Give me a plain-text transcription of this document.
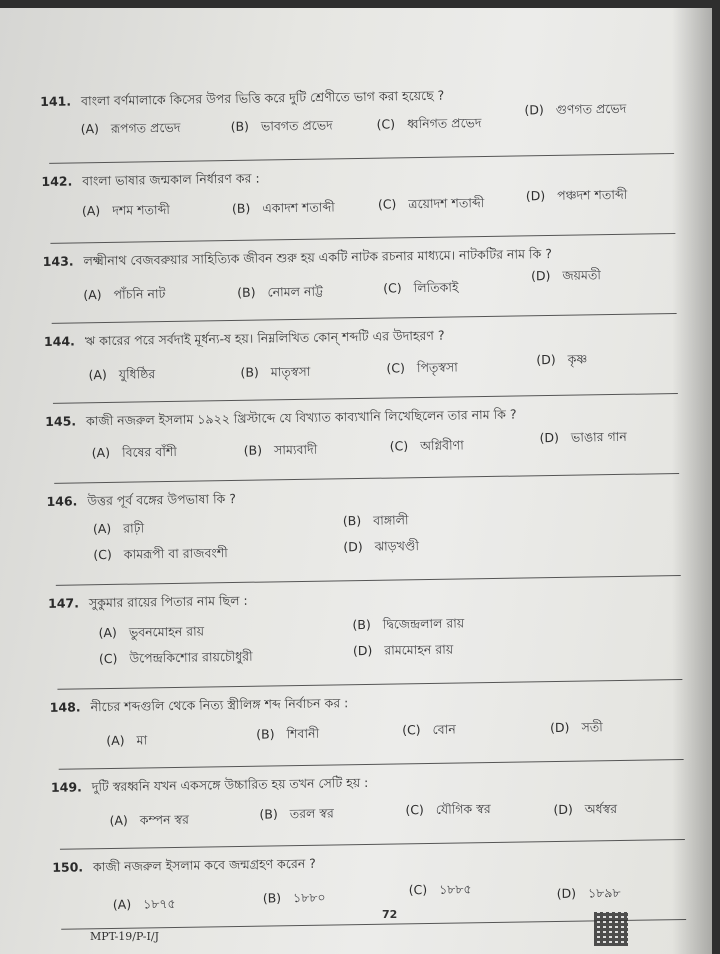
141. বাংলা বর্ণমালাকে কিসের উপর ভিত্তি করে দুটি শ্রেণীতে ভাগ করা হয়েছে ?
(A) রূপগত প্রভেদ	(B) ভাবগত প্রভেদ	(C) ধ্বনিগত প্রভেদ
(D) গুণগত প্রভেদ
142. বাংলা ভাষার জন্মকাল নির্ধারণ কর :
(A) দশম শতাব্দী	(B) একাদশ শতাব্দী	(C) ত্রয়োদশ শতাব্দী	(D) পঞ্চদশ শতাব্দী
143. লক্ষ্মীনাথ বেজবরুয়ার সাহিত্যিক জীবন শুরু হয় একটি নাটক রচনার মাধ্যমে। নাটকটির নাম কি ?
(A) পাঁচনি নাট	(B) নোমল নাট্ট	(C) লিতিকাই
(D) জয়মতী
144. ঋ কারের পরে সর্বদাই মূর্ধন্য-ষ হয়। নিম্নলিখিত কোন্ শব্দটি এর উদাহরণ ?
(A) যুধিষ্ঠির	(B) মাতৃস্বসা	(C) পিতৃস্বসা	(D) কৃষ্ণ
145. কাজী নজরুল ইসলাম ১৯২২ খ্রিস্টাব্দে যে বিখ্যাত কাব্যখানি লিখেছিলেন তার নাম কি ?
(A) বিষের বাঁশী	(B) সাম্যবাদী	(C) অগ্নিবীণা	(D) ভাঙার গান
146. উত্তর পূর্ব বঙ্গের উপভাষা কি ?
(A) রাঢ়ী	(B) বাঙ্গালী
(C) কামরূপী বা রাজবংশী	(D) ঝাড়খণ্ডী
147. সুকুমার রায়ের পিতার নাম ছিল :
(A) ভুবনমোহন রায়	(B) দ্বিজেন্দ্রলাল রায়
(C) উপেন্দ্রকিশোর রায়চৌধুরী	(D) রামমোহন রায়
148. নীচের শব্দগুলি থেকে নিত্য স্ত্রীলিঙ্গ শব্দ নির্বাচন কর :
(A) মা	(B) শিবানী	(C) বোন	(D) সতী
149. দুটি স্বরধ্বনি যখন একসঙ্গে উচ্চারিত হয় তখন সেটি হয় :
(A) কম্পন স্বর	(B) তরল স্বর	(C) যৌগিক স্বর	(D) অর্ধস্বর
150. কাজী নজরুল ইসলাম কবে জন্মগ্রহণ করেন ?
(A) ১৮৭৫	(B) ১৮৮০	(C) ১৮৮৫	(D) ১৮৯৮
72
MPT-19/P-I/J
